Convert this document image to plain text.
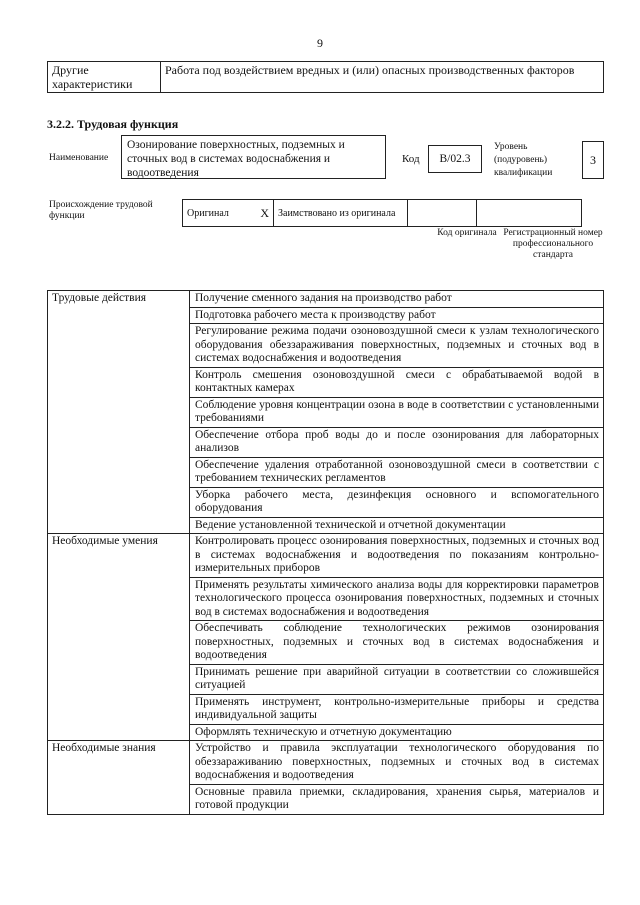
9
Другие характеристики	Работа под воздействием вредных и (или) опасных производственных факторов
3.2.2. Трудовая функция
Наименование
Озонирование поверхностных, подземных и сточных вод в системах водоснабжения и водоотведения
Код	B/02.3
Уровень (подуровень) квалификации
3
Происхождение трудовой функции	Оригинал	X	Заимствовано из оригинала		
Код оригинала Регистрационный номер профессионального стандарта
Трудовые действия	Получение сменного задания на производство работ
	Подготовка рабочего места к производству работ
	Регулирование режима подачи озоновоздушной смеси к узлам технологического оборудования обеззараживания поверхностных, подземных и сточных вод в системах водоснабжения и водоотведения
	Контроль смешения озоновоздушной смеси с обрабатываемой водой в контактных камерах
	Соблюдение уровня концентрации озона в воде в соответствии с установленными требованиями
	Обеспечение отбора проб воды до и после озонирования для лабораторных анализов
	Обеспечение удаления отработанной озоновоздушной смеси в соответствии с требованием технических регламентов
	Уборка рабочего места, дезинфекция основного и вспомогательного оборудования
	Ведение установленной технической и отчетной документации
Необходимые умения	Контролировать процесс озонирования поверхностных, подземных и сточных вод в системах водоснабжения и водоотведения по показаниям контрольно-измерительных приборов
	Применять результаты химического анализа воды для корректировки параметров технологического процесса озонирования поверхностных, подземных и сточных вод в системах водоснабжения и водоотведения
	Обеспечивать соблюдение технологических режимов озонирования поверхностных, подземных и сточных вод в системах водоснабжения и водоотведения
	Принимать решение при аварийной ситуации в соответствии со сложившейся ситуацией
	Применять инструмент, контрольно-измерительные приборы и средства индивидуальной защиты
	Оформлять техническую и отчетную документацию
Необходимые знания	Устройство и правила эксплуатации технологического оборудования по обеззараживанию поверхностных, подземных и сточных вод в системах водоснабжения и водоотведения
	Основные правила приемки, складирования, хранения сырья, материалов и готовой продукции
